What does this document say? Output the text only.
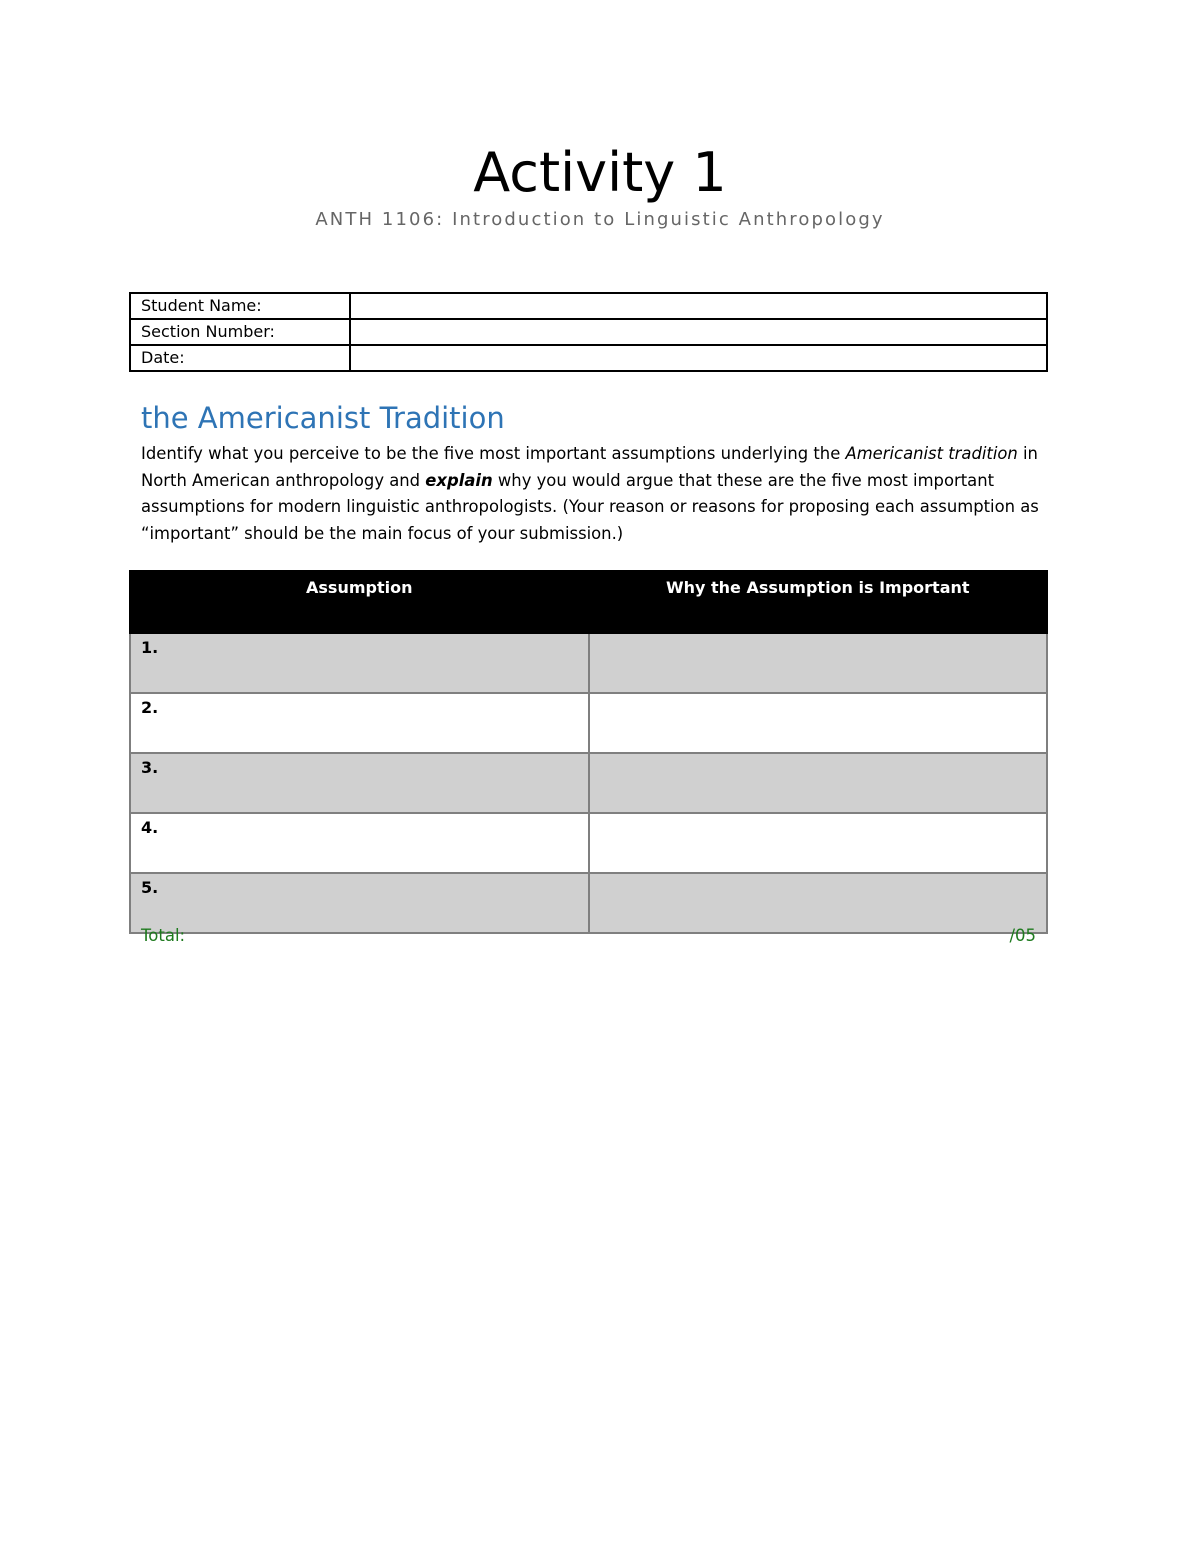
Activity 1
ANTH 1106: Introduction to Linguistic Anthropology
Student Name:	
Section Number:	
Date:	
the Americanist Tradition
Identify what you perceive to be the five most important assumptions underlying the Americanist tradition in North American anthropology and explain why you would argue that these are the five most important assumptions for modern linguistic anthropologists. (Your reason or reasons for proposing each assumption as “important” should be the main focus of your submission.)
Assumption	Why the Assumption is Important
1.	
2.	
3.	
4.	
5.	
Total:	/05
